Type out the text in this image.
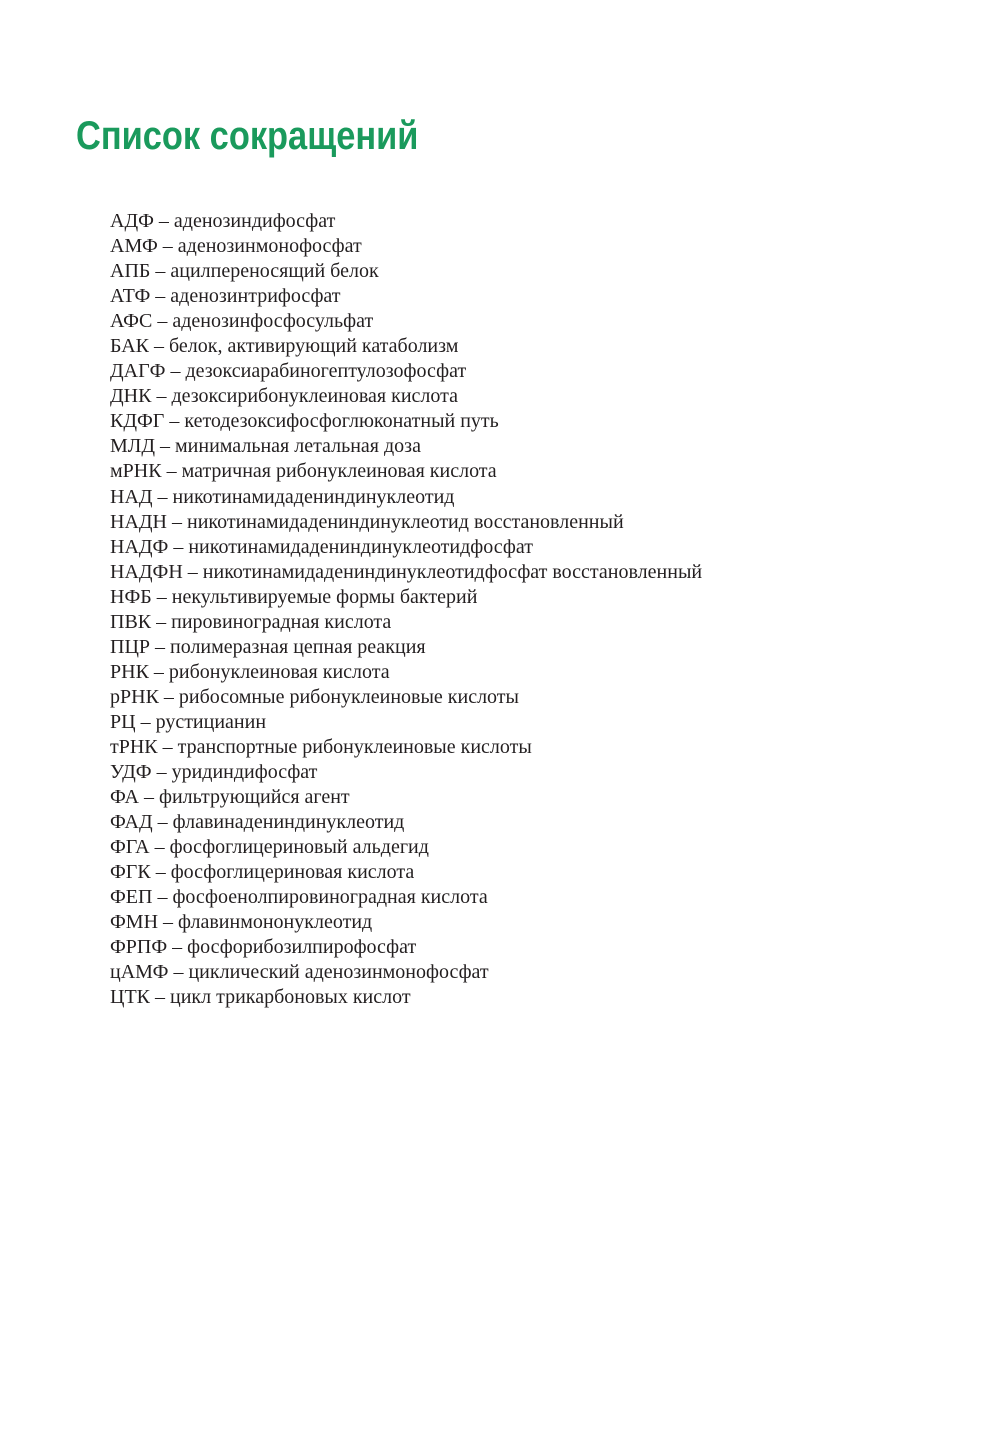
Список сокращений
АДФ – аденозиндифосфат
АМФ – аденозинмонофосфат
АПБ – ацилпереносящий белок
АТФ – аденозинтрифосфат
АФС – аденозинфосфосульфат
БАК – белок, активирующий катаболизм
ДАГФ – дезоксиарабиногептулозофосфат
ДНК – дезоксирибонуклеиновая кислота
КДФГ – кетодезоксифосфоглюконатный путь
МЛД – минимальная летальная доза
мРНК – матричная рибонуклеиновая кислота
НАД – никотинамидадениндинуклеотид
НАДН – никотинамидадениндинуклеотид восстановленный
НАДФ – никотинамидадениндинуклеотидфосфат
НАДФН – никотинамидадениндинуклеотидфосфат восстановленный
НФБ – некультивируемые формы бактерий
ПВК – пировиноградная кислота
ПЦР – полимеразная цепная реакция
РНК – рибонуклеиновая кислота
рРНК – рибосомные рибонуклеиновые кислоты
РЦ – рустицианин
тРНК – транспортные рибонуклеиновые кислоты
УДФ – уридиндифосфат
ФА – фильтрующийся агент
ФАД – флавинадениндинуклеотид
ФГА – фосфоглицериновый альдегид
ФГК – фосфоглицериновая кислота
ФЕП – фосфоенолпировиноградная кислота
ФМН – флавинмононуклеотид
ФРПФ – фосфорибозилпирофосфат
цАМФ – циклический аденозинмонофосфат
ЦТК – цикл трикарбоновых кислот
